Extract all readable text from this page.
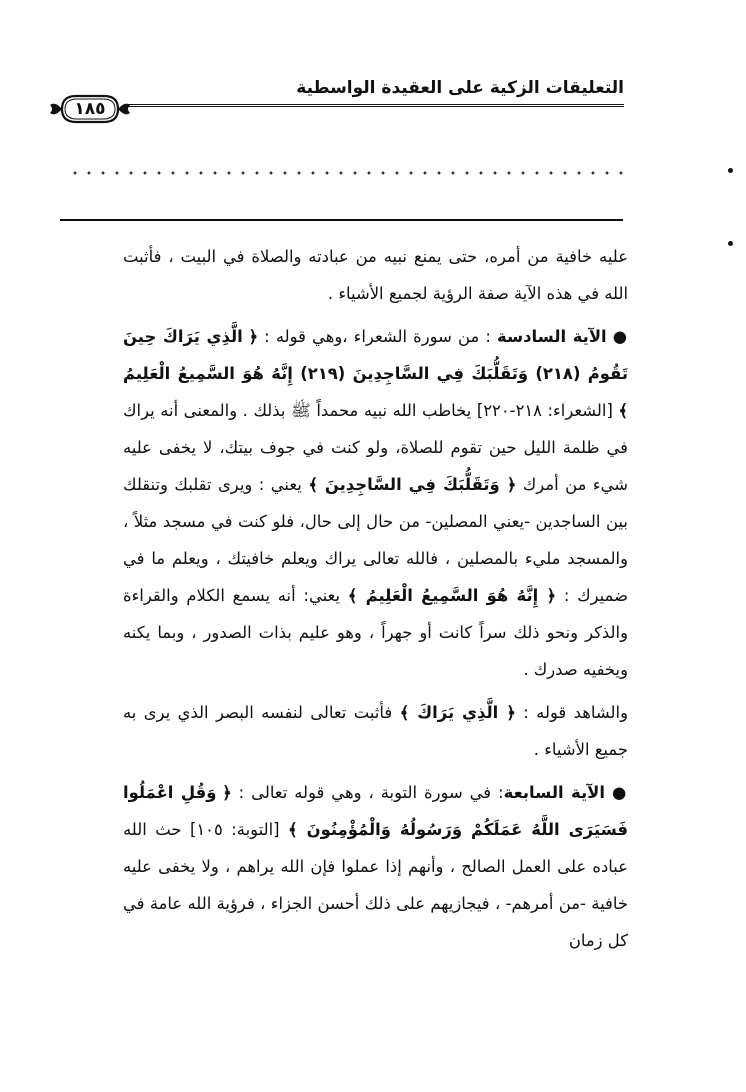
التعليقات الزكية على العقيدة الواسطية
١٨٥

عليه خافية من أمره، حتى يمنع نبيه من عبادته والصلاة في البيت ، فأثبت الله في هذه الآية صفة الرؤية لجميع الأشياء .

● الآية السادسة : من سورة الشعراء ،وهي قوله : ﴿ الَّذِي يَرَاكَ حِينَ تَقُومُ (٢١٨) وَتَقَلُّبَكَ فِي السَّاجِدِينَ (٢١٩) إِنَّهُ هُوَ السَّمِيعُ الْعَلِيمُ ﴾ [الشعراء: ٢١٨-٢٢٠] يخاطب الله نبيه محمداً ﷺ بذلك . والمعنى أنه يراك في ظلمة الليل حين تقوم للصلاة، ولو كنت في جوف بيتك، لا يخفى عليه شيء من أمرك ﴿ وَتَقَلُّبَكَ فِي السَّاجِدِينَ ﴾ يعني : ويرى تقلبك وتنقلك بين الساجدين -يعني المصلين- من حال إلى حال، فلو كنت في مسجد مثلاً ، والمسجد مليء بالمصلين ، فالله تعالى يراك ويعلم خافيتك ، ويعلم ما في ضميرك : ﴿ إِنَّهُ هُوَ السَّمِيعُ الْعَلِيمُ ﴾ يعني: أنه يسمع الكلام والقراءة والذكر ونحو ذلك سراً كانت أو جهراً ، وهو عليم بذات الصدور ، وبما يكنه ويخفيه صدرك .

والشاهد قوله : ﴿ الَّذِي يَرَاكَ ﴾ فأثبت تعالى لنفسه البصر الذي يرى به جميع الأشياء .

● الآية السابعة: في سورة التوبة ، وهي قوله تعالى : ﴿ وَقُلِ اعْمَلُوا فَسَيَرَى اللَّهُ عَمَلَكُمْ وَرَسُولُهُ وَالْمُؤْمِنُونَ ﴾ [التوبة: ١٠٥] حث الله عباده على العمل الصالح ، وأنهم إذا عملوا فإن الله يراهم ، ولا يخفى عليه خافية -من أمرهم- ، فيجازيهم على ذلك أحسن الجزاء ، فرؤية الله عامة في كل زمان
